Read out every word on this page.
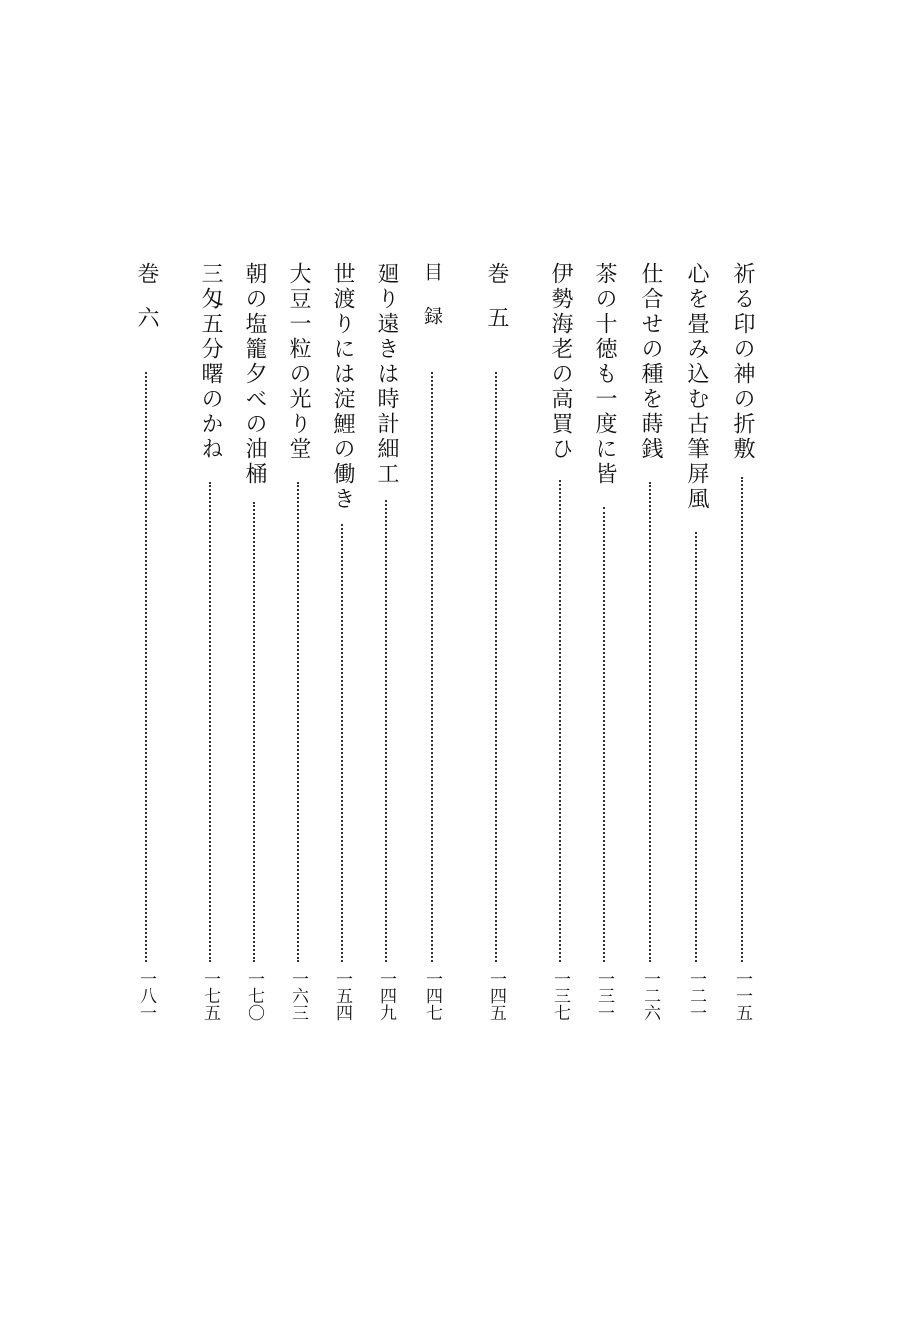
祈る印の神の折敷
一一五
心を畳み込む古筆屏風
一二一
仕合せの種を蒔銭
一二六
茶の十徳も一度に皆
一三一
伊勢海老の高買ひ
一三七
巻　五
一四五
目　録
一四七
廻り遠きは時計細工
一四九
世渡りには淀鯉の働き
一五四
大豆一粒の光り堂
一六三
朝の塩籠夕べの油桶
一七〇
三匁五分曙のかね
一七五
巻　六
一八一
